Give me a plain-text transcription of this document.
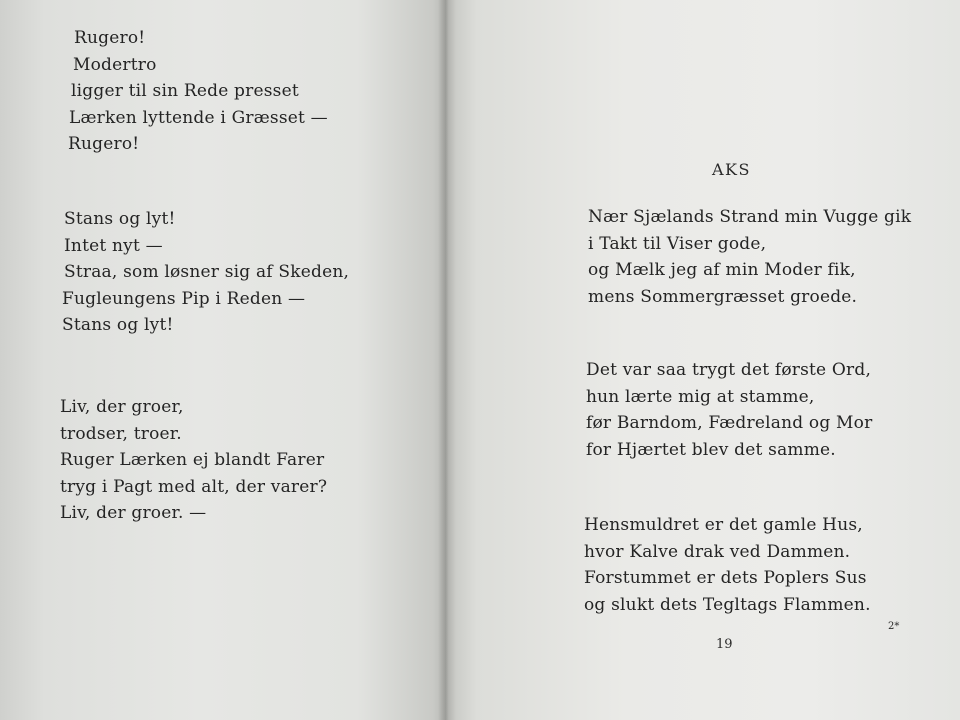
Rugero!
Modertro
ligger til sin Rede presset
Lærken lyttende i Græsset —
Rugero!
Stans og lyt!
Intet nyt —
Straa, som løsner sig af Skeden,
Fugleungens Pip i Reden —
Stans og lyt!
Liv, der groer,
trodser, troer.
Ruger Lærken ej blandt Farer
tryg i Pagt med alt, der varer?
Liv, der groer. —
AKS
Nær Sjælands Strand min Vugge gik
i Takt til Viser gode,
og Mælk jeg af min Moder fik,
mens Sommergræsset groede.
Det var saa trygt det første Ord,
hun lærte mig at stamme,
før Barndom, Fædreland og Mor
for Hjærtet blev det samme.
Hensmuldret er det gamle Hus,
hvor Kalve drak ved Dammen.
Forstummet er dets Poplers Sus
og slukt dets Tegltags Flammen.
2*
19
